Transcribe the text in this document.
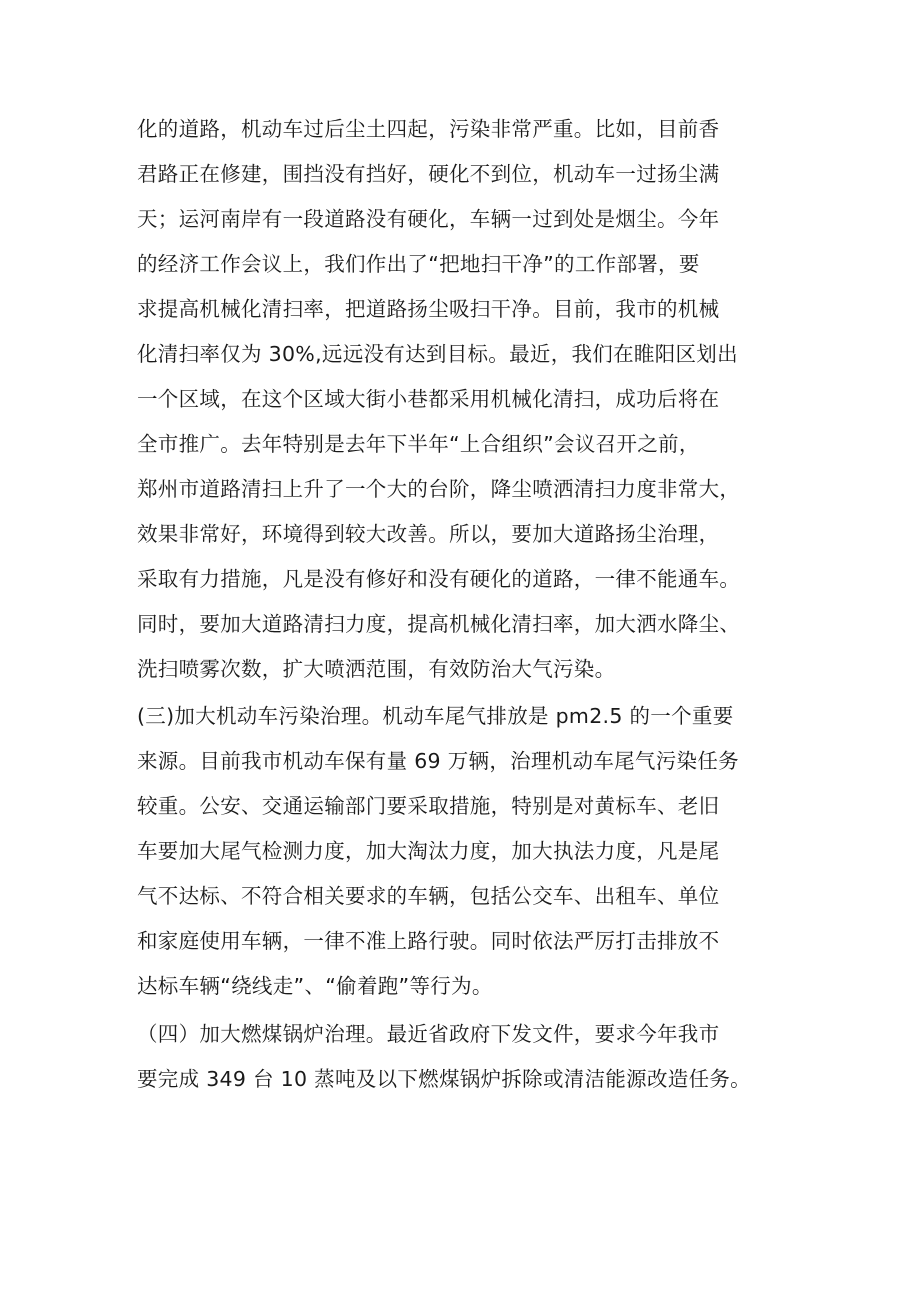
化的道路，机动车过后尘土四起，污染非常严重。比如，目前香
君路正在修建，围挡没有挡好，硬化不到位，机动车一过扬尘满
天；运河南岸有一段道路没有硬化，车辆一过到处是烟尘。今年
的经济工作会议上，我们作出了“把地扫干净”的工作部署，要
求提高机械化清扫率，把道路扬尘吸扫干净。目前，我市的机械
化清扫率仅为 30%,远远没有达到目标。最近，我们在睢阳区划出
一个区域，在这个区域大街小巷都采用机械化清扫，成功后将在
全市推广。去年特别是去年下半年“上合组织”会议召开之前，
郑州市道路清扫上升了一个大的台阶，降尘喷洒清扫力度非常大，
效果非常好，环境得到较大改善。所以，要加大道路扬尘治理，
采取有力措施，凡是没有修好和没有硬化的道路，一律不能通车。
同时，要加大道路清扫力度，提高机械化清扫率，加大洒水降尘、
洗扫喷雾次数，扩大喷洒范围，有效防治大气污染。
(三)加大机动车污染治理。机动车尾气排放是 pm2.5 的一个重要
来源。目前我市机动车保有量 69 万辆，治理机动车尾气污染任务
较重。公安、交通运输部门要采取措施，特别是对黄标车、老旧
车要加大尾气检测力度，加大淘汰力度，加大执法力度，凡是尾
气不达标、不符合相关要求的车辆，包括公交车、出租车、单位
和家庭使用车辆，一律不准上路行驶。同时依法严厉打击排放不
达标车辆“绕线走”、“偷着跑”等行为。
（四）加大燃煤锅炉治理。最近省政府下发文件，要求今年我市
要完成 349 台 10 蒸吨及以下燃煤锅炉拆除或清洁能源改造任务。
